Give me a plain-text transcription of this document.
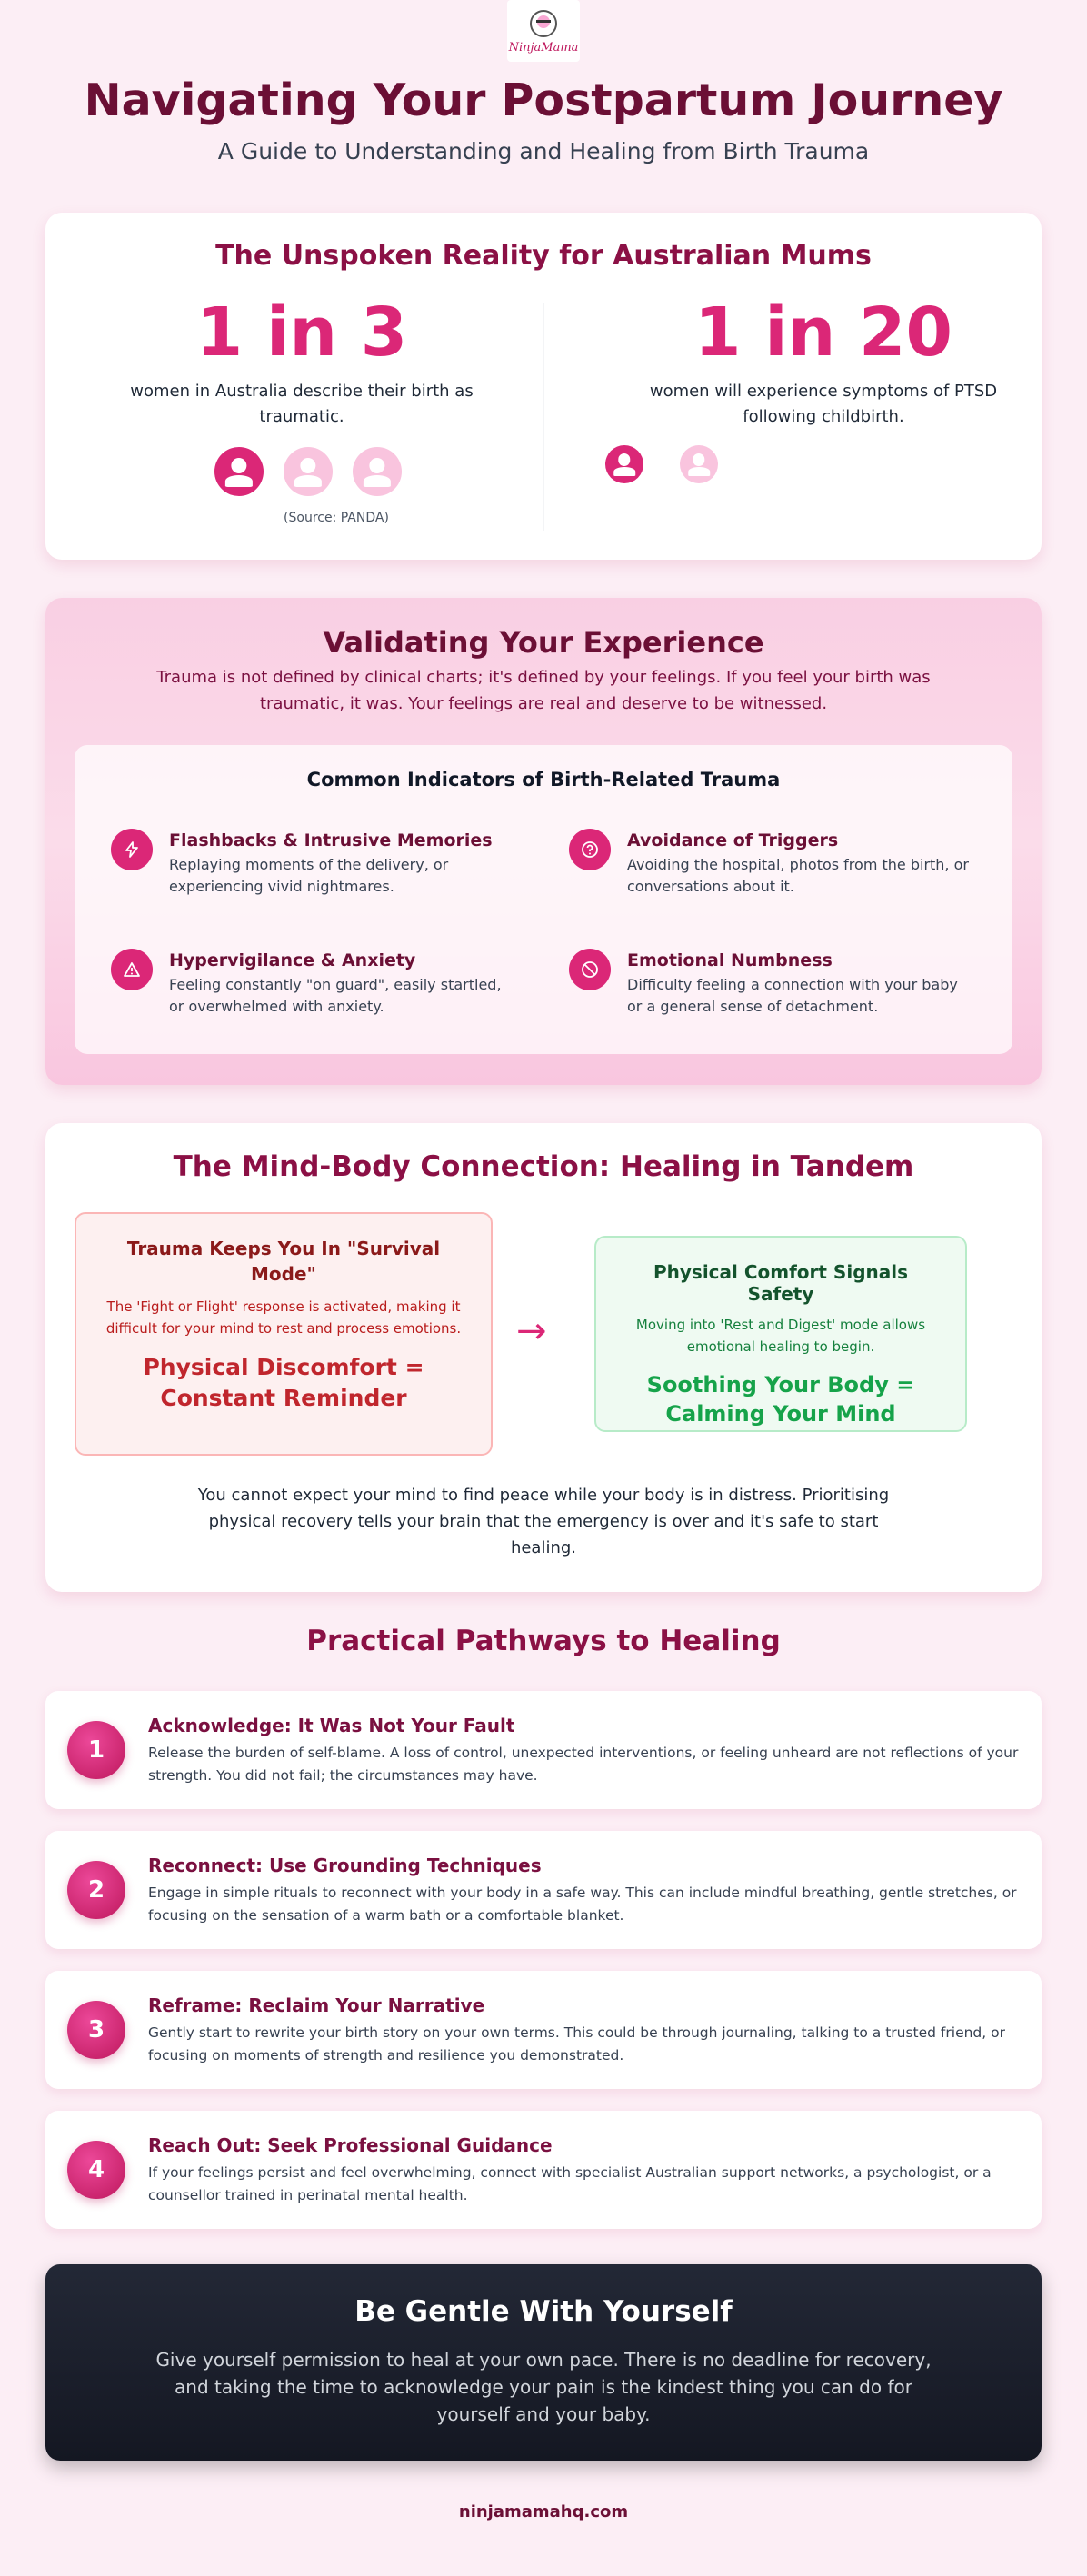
NinjaMama
Navigating Your Postpartum Journey
A Guide to Understanding and Healing from Birth Trauma
The Unspoken Reality for Australian Mums
1 in 3
women in Australia describe their birth as traumatic.
(Source: PANDA)
1 in 20
women will experience symptoms of PTSD following childbirth.
Validating Your Experience

Trauma is not defined by clinical charts; it's defined by your feelings. If you feel your birth was traumatic, it was. Your feelings are real and deserve to be witnessed.

Common Indicators of Birth-Related Trauma
Flashbacks & Intrusive Memories
Replaying moments of the delivery, or experiencing vivid nightmares.
Avoidance of Triggers
Avoiding the hospital, photos from the birth, or conversations about it.
Hypervigilance & Anxiety
Feeling constantly "on guard", easily startled, or overwhelmed with anxiety.
Emotional Numbness
Difficulty feeling a connection with your baby or a general sense of detachment.
The Mind-Body Connection: Healing in Tandem
Trauma Keeps You In "Survival Mode"
The 'Fight or Flight' response is activated, making it difficult for your mind to rest and process emotions.
Physical Discomfort = Constant Reminder
→
Physical Comfort Signals Safety
Moving into 'Rest and Digest' mode allows emotional healing to begin.
Soothing Your Body = Calming Your Mind

You cannot expect your mind to find peace while your body is in distress. Prioritising physical recovery tells your brain that the emergency is over and it's safe to start healing.

Practical Pathways to Healing
1
Acknowledge: It Was Not Your Fault
Release the burden of self-blame. A loss of control, unexpected interventions, or feeling unheard are not reflections of your strength. You did not fail; the circumstances may have.
2
Reconnect: Use Grounding Techniques
Engage in simple rituals to reconnect with your body in a safe way. This can include mindful breathing, gentle stretches, or focusing on the sensation of a warm bath or a comfortable blanket.
3
Reframe: Reclaim Your Narrative
Gently start to rewrite your birth story on your own terms. This could be through journaling, talking to a trusted friend, or focusing on moments of strength and resilience you demonstrated.
4
Reach Out: Seek Professional Guidance
If your feelings persist and feel overwhelming, connect with specialist Australian support networks, a psychologist, or a counsellor trained in perinatal mental health.
Be Gentle With Yourself

Give yourself permission to heal at your own pace. There is no deadline for recovery, and taking the time to acknowledge your pain is the kindest thing you can do for yourself and your baby.

ninjamamahq.com
